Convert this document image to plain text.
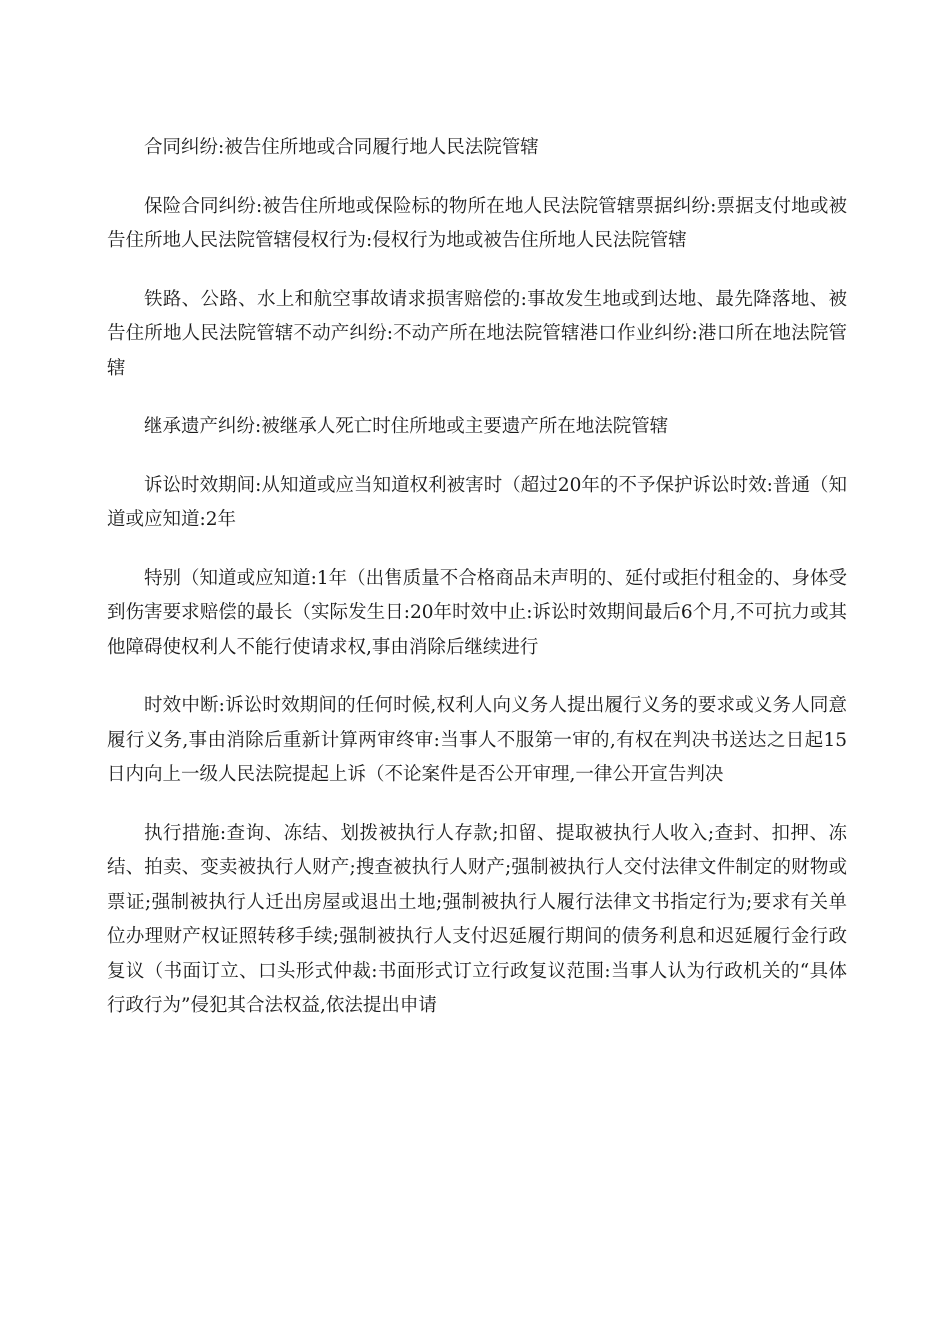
合同纠纷:被告住所地或合同履行地人民法院管辖

保险合同纠纷:被告住所地或保险标的物所在地人民法院管辖票据纠纷:票据支付地或被告住所地人民法院管辖侵权行为:侵权行为地或被告住所地人民法院管辖

铁路、公路、水上和航空事故请求损害赔偿的:事故发生地或到达地、最先降落地、被告住所地人民法院管辖不动产纠纷:不动产所在地法院管辖港口作业纠纷:港口所在地法院管辖

继承遗产纠纷:被继承人死亡时住所地或主要遗产所在地法院管辖

诉讼时效期间:从知道或应当知道权利被害时（超过20年的不予保护诉讼时效:普通（知道或应知道:2年

特别（知道或应知道:1年（出售质量不合格商品未声明的、延付或拒付租金的、身体受到伤害要求赔偿的最长（实际发生日:20年时效中止:诉讼时效期间最后6个月,不可抗力或其他障碍使权利人不能行使请求权,事由消除后继续进行

时效中断:诉讼时效期间的任何时候,权利人向义务人提出履行义务的要求或义务人同意履行义务,事由消除后重新计算两审终审:当事人不服第一审的,有权在判决书送达之日起15日内向上一级人民法院提起上诉（不论案件是否公开审理,一律公开宣告判决

执行措施:查询、冻结、划拨被执行人存款;扣留、提取被执行人收入;查封、扣押、冻结、拍卖、变卖被执行人财产;搜查被执行人财产;强制被执行人交付法律文件制定的财物或票证;强制被执行人迁出房屋或退出土地;强制被执行人履行法律文书指定行为;要求有关单位办理财产权证照转移手续;强制被执行人支付迟延履行期间的债务利息和迟延履行金行政复议（书面订立、口头形式仲裁:书面形式订立行政复议范围:当事人认为行政机关的“具体行政行为”侵犯其合法权益,依法提出申请
